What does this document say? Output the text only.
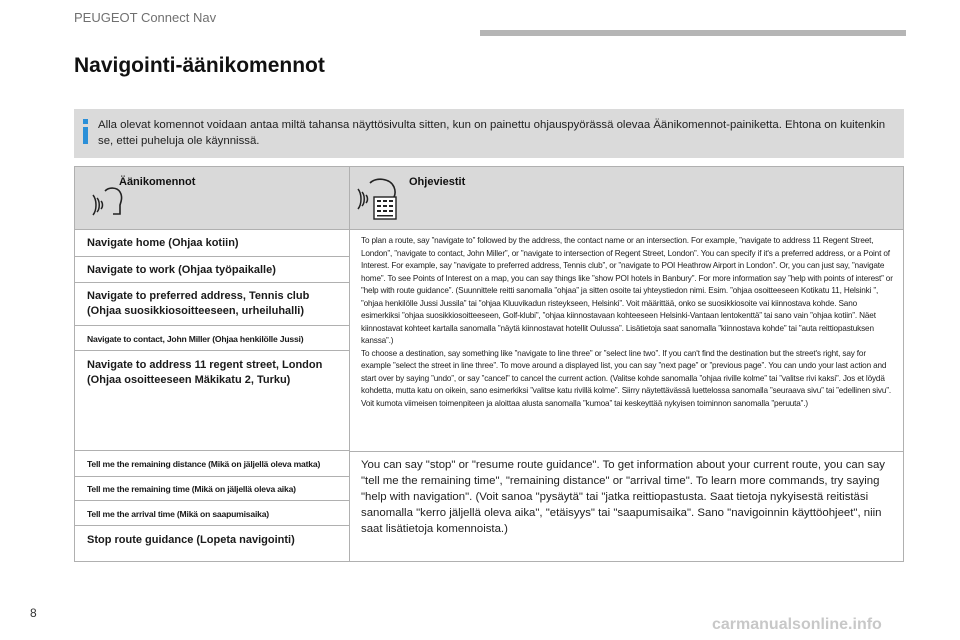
PEUGEOT Connect Nav
Navigointi-äänikomennot
Alla olevat komennot voidaan antaa miltä tahansa näyttösivulta sitten, kun on painettu ohjauspyörässä olevaa Äänikomennot-painiketta. Ehtona on kuitenkin se, ettei puheluja ole käynnissä.
Äänikomennot	Ohjeviestit
Navigate home (Ohjaa kotiin)
Navigate to work (Ohjaa työpaikalle)
Navigate to preferred address, Tennis club (Ohjaa suosikkiosoitteeseen, urheiluhalli)
Navigate to contact, John Miller (Ohjaa henkilölle Jussi)
Navigate to address 11 regent street, London (Ohjaa osoitteeseen Mäkikatu 2, Turku)
Tell me the remaining distance (Mikä on jäljellä oleva matka)
Tell me the remaining time (Mikä on jäljellä oleva aika)
Tell me the arrival time (Mikä on saapumisaika)
Stop route guidance (Lopeta navigointi)
To plan a route, say ”navigate to” followed by the address, the contact name or an intersection. For example, ”navigate to address 11 Regent Street, London”, ”navigate to contact, John Miller”, or ”navigate to intersection of Regent Street, London”. You can specify if it's a preferred address, or a Point of Interest. For example, say ”navigate to preferred address, Tennis club”, or ”navigate to POI Heathrow Airport in London”. Or, you can just say, ”navigate home”. To see Points of Interest on a map, you can say things like ”show POI hotels in Banbury”. For more information say ”help with points of interest” or ”help with route guidance”. (Suunnittele reitti sanomalla ”ohjaa” ja sitten osoite tai yhteystiedon nimi. Esim. ”ohjaa osoitteeseen Kotikatu 11, Helsinki ”, ”ohjaa henkilölle Jussi Jussila” tai ”ohjaa Kluuvikadun risteykseen, Helsinki”. Voit määrittää, onko se suosikkiosoite vai kiinnostava kohde. Sano esimerkiksi ”ohjaa suosikkiosoitteeseen, Golf-klubi”, ”ohjaa kiinnostavaan kohteeseen Helsinki-Vantaan lentokenttä” tai sano vain ”ohjaa kotiin”. Näet kiinnostavat kohteet kartalla sanomalla ”näytä kiinnostavat hotellit Oulussa”. Lisätietoja saat sanomalla ”kiinnostava kohde” tai ”auta reittiopastuksen kanssa”.)
To choose a destination, say something like ”navigate to line three” or ”select line two”. If you can't find the destination but the street's right, say for example ”select the street in line three”. To move around a displayed list, you can say ”next page” or ”previous page”. You can undo your last action and start over by saying ”undo”, or say ”cancel” to cancel the current action. (Valitse kohde sanomalla ”ohjaa riville kolme” tai ”valitse rivi kaksi”. Jos et löydä kohdetta, mutta katu on oikein, sano esimerkiksi ”valitse katu rivillä kolme”. Siirry näytettävässä luettelossa sanomalla ”seuraava sivu” tai ”edellinen sivu”. Voit kumota viimeisen toimenpiteen ja aloittaa alusta sanomalla ”kumoa” tai keskeyttää nykyisen toiminnon sanomalla ”peruuta”.)
You can say "stop" or "resume route guidance". To get information about your current route, you can say "tell me the remaining time", "remaining distance" or "arrival time". To learn more commands, try saying "help with navigation". (Voit sanoa "pysäytä" tai "jatka reittiopastusta. Saat tietoja nykyisestä reitistäsi sanomalla "kerro jäljellä oleva aika", "etäisyys" tai "saapumisaika". Sano "navigoinnin käyttöohjeet", niin saat lisätietoja komennoista.)
8
carmanualsonline.info
